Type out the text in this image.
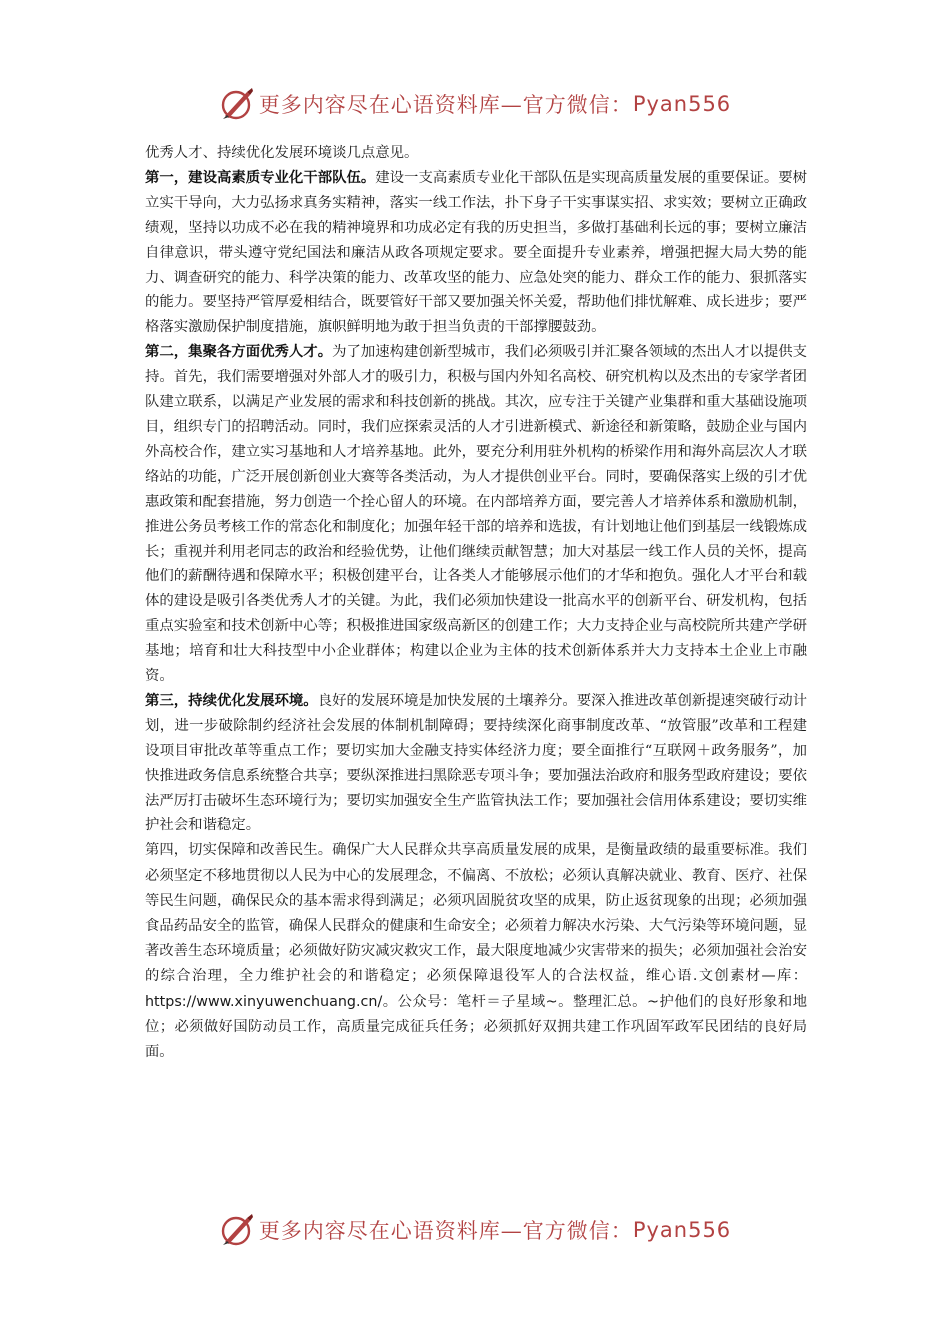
更多内容尽在心语资料库—官方微信： Pyan556

优秀人才、持续优化发展环境谈几点意见。

第一，建设高素质专业化干部队伍。建设一支高素质专业化干部队伍是实现高质量发展的重要保证。要树立实干导向，大力弘扬求真务实精神，落实一线工作法，扑下身子干实事谋实招、求实效；要树立正确政绩观，坚持以功成不必在我的精神境界和功成必定有我的历史担当，多做打基础利长远的事；要树立廉洁自律意识，带头遵守党纪国法和廉洁从政各项规定要求。要全面提升专业素养，增强把握大局大势的能力、调查研究的能力、科学决策的能力、改革攻坚的能力、应急处突的能力、群众工作的能力、狠抓落实的能力。要坚持严管厚爱相结合，既要管好干部又要加强关怀关爱，帮助他们排忧解难、成长进步；要严格落实激励保护制度措施，旗帜鲜明地为敢于担当负责的干部撑腰鼓劲。

第二，集聚各方面优秀人才。为了加速构建创新型城市，我们必须吸引并汇聚各领域的杰出人才以提供支持。首先，我们需要增强对外部人才的吸引力，积极与国内外知名高校、研究机构以及杰出的专家学者团队建立联系，以满足产业发展的需求和科技创新的挑战。其次，应专注于关键产业集群和重大基础设施项目，组织专门的招聘活动。同时，我们应探索灵活的人才引进新模式、新途径和新策略，鼓励企业与国内外高校合作，建立实习基地和人才培养基地。此外，要充分利用驻外机构的桥梁作用和海外高层次人才联络站的功能，广泛开展创新创业大赛等各类活动，为人才提供创业平台。同时，要确保落实上级的引才优惠政策和配套措施，努力创造一个拴心留人的环境。在内部培养方面，要完善人才培养体系和激励机制，推进公务员考核工作的常态化和制度化；加强年轻干部的培养和选拔，有计划地让他们到基层一线锻炼成长；重视并利用老同志的政治和经验优势，让他们继续贡献智慧；加大对基层一线工作人员的关怀，提高他们的薪酬待遇和保障水平；积极创建平台，让各类人才能够展示他们的才华和抱负。强化人才平台和载体的建设是吸引各类优秀人才的关键。为此，我们必须加快建设一批高水平的创新平台、研发机构，包括重点实验室和技术创新中心等；积极推进国家级高新区的创建工作；大力支持企业与高校院所共建产学研基地；培育和壮大科技型中小企业群体；构建以企业为主体的技术创新体系并大力支持本土企业上市融资。

第三，持续优化发展环境。良好的发展环境是加快发展的土壤养分。要深入推进改革创新提速突破行动计划，进一步破除制约经济社会发展的体制机制障碍；要持续深化商事制度改革、“放管服”改革和工程建设项目审批改革等重点工作；要切实加大金融支持实体经济力度；要全面推行“互联网＋政务服务”，加快推进政务信息系统整合共享；要纵深推进扫黑除恶专项斗争；要加强法治政府和服务型政府建设；要依法严厉打击破坏生态环境行为；要切实加强安全生产监管执法工作；要加强社会信用体系建设；要切实维护社会和谐稳定。

第四，切实保障和改善民生。确保广大人民群众共享高质量发展的成果，是衡量政绩的最重要标准。我们必须坚定不移地贯彻以人民为中心的发展理念，不偏离、不放松；必须认真解决就业、教育、医疗、社保等民生问题，确保民众的基本需求得到满足；必须巩固脱贫攻坚的成果，防止返贫现象的出现；必须加强食品药品安全的监管，确保人民群众的健康和生命安全；必须着力解决水污染、大气污染等环境问题，显著改善生态环境质量；必须做好防灾减灾救灾工作，最大限度地减少灾害带来的损失；必须加强社会治安的综合治理，全力维护社会的和谐稳定；必须保障退役军人的合法权益，维心语.文创素材—库：https://www.xinyuwenchuang.cn/。公众号：笔杆＝子星域~。整理汇总。~护他们的良好形象和地位；必须做好国防动员工作，高质量完成征兵任务；必须抓好双拥共建工作巩固军政军民团结的良好局面。

更多内容尽在心语资料库—官方微信： Pyan556
